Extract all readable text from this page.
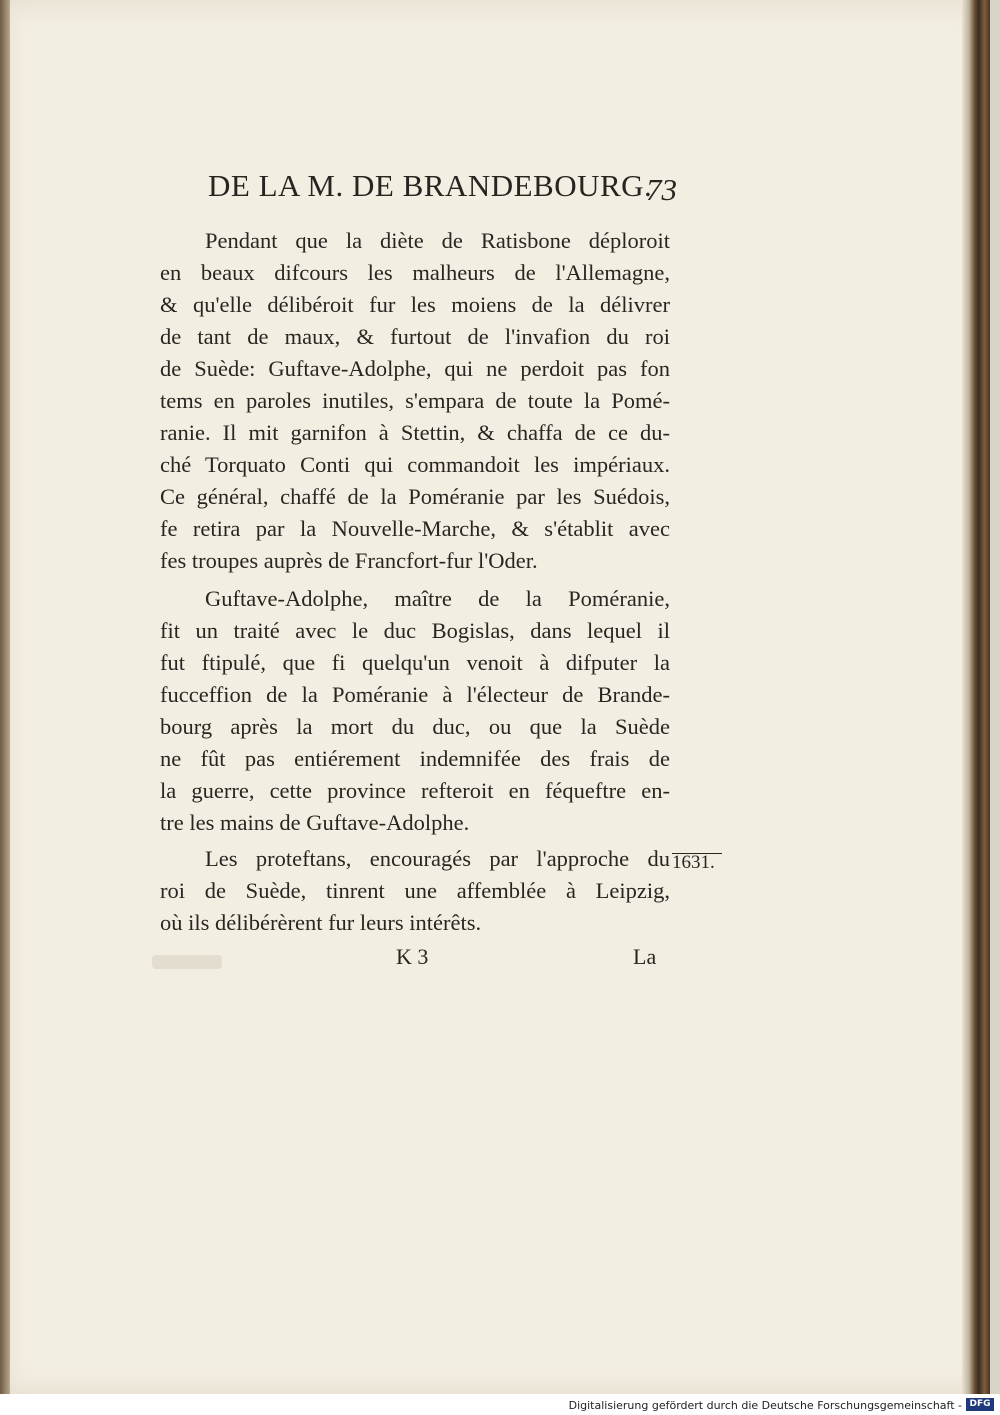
DE LA M. DE BRANDEBOURG.
73
Pendant que la diète de Ratisbone déploroit
en beaux difcours les malheurs de l'Allemagne,
& qu'elle délibéroit fur les moiens de la délivrer
de tant de maux, & furtout de l'invafion du roi
de Suède: Guftave-Adolphe, qui ne perdoit pas fon
tems en paroles inutiles, s'empara de toute la Pomé-
ranie. Il mit garnifon à Stettin, & chaffa de ce du-
ché Torquato Conti qui commandoit les impériaux.
Ce général, chaffé de la Poméranie par les Suédois,
fe retira par la Nouvelle-Marche, & s'établit avec
fes troupes auprès de Francfort-fur l'Oder.
Guftave-Adolphe, maître de la Poméranie,
fit un traité avec le duc Bogislas, dans lequel il
fut ftipulé, que fi quelqu'un venoit à difputer la
fucceffion de la Poméranie à l'électeur de Brande-
bourg après la mort du duc, ou que la Suède
ne fût pas entiérement indemnifée des frais de
la guerre, cette province refteroit en féqueftre en-
tre les mains de Guftave-Adolphe.
Les proteftans, encouragés par l'approche du
roi de Suède, tinrent une affemblée à Leipzig,
où ils délibérèrent fur leurs intérêts.
1631.
K 3	La
Digitalisierung gefördert durch die Deutsche Forschungsgemeinschaft - DFG
